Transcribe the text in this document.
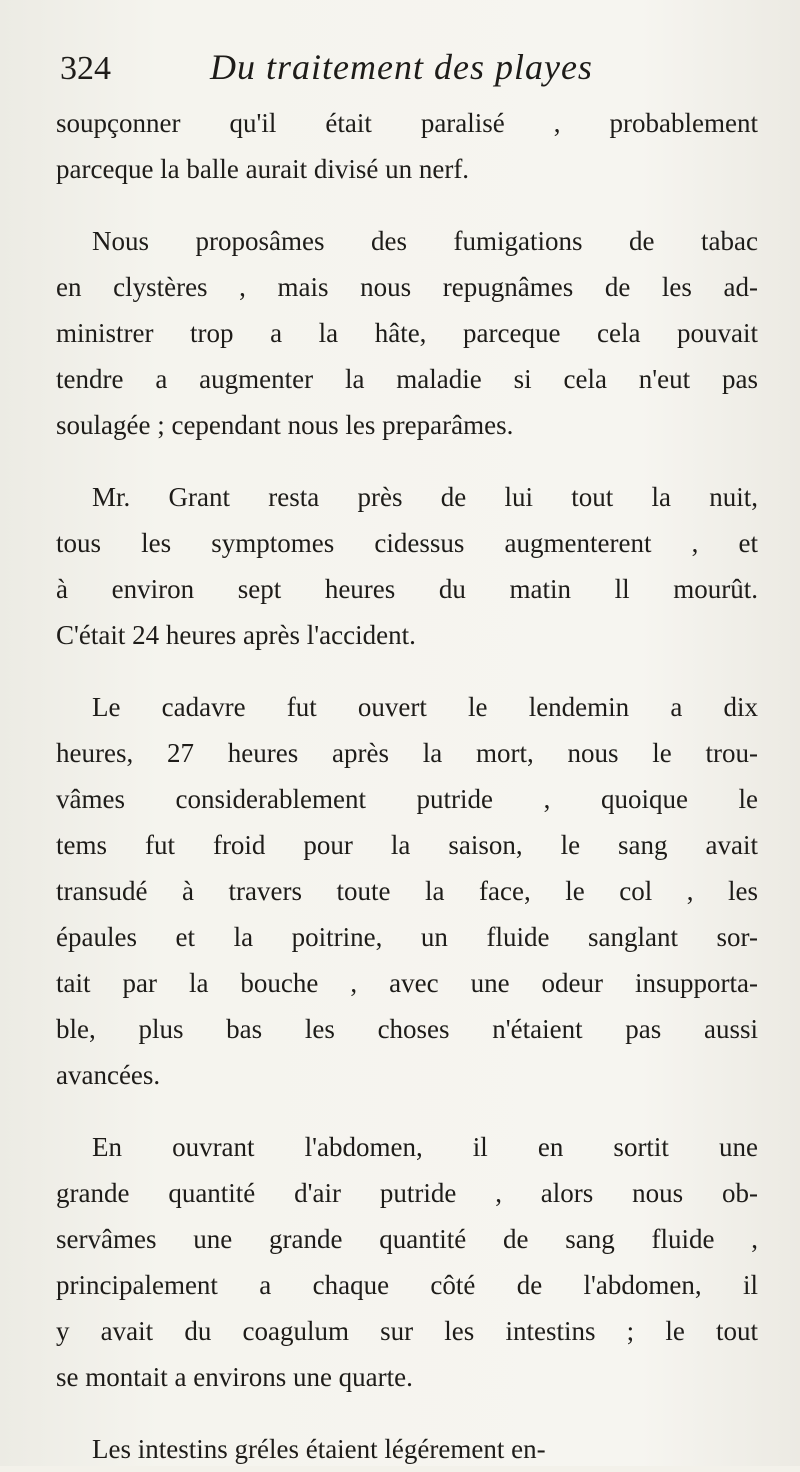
324	Du traitement des playes
soupçonner qu'il était paralisé , probablement
parceque la balle aurait divisé un nerf.
Nous proposâmes des fumigations de tabac
en clystères , mais nous repugnâmes de les ad-
ministrer trop a la hâte, parceque cela pouvait
tendre a augmenter la maladie si cela n'eut pas
soulagée ; cependant nous les preparâmes.
Mr. Grant resta près de lui tout la nuit,
tous les symptomes cidessus augmenterent , et
à environ sept heures du matin ll mourût.
C'était 24 heures après l'accident.
Le cadavre fut ouvert le lendemin a dix
heures, 27 heures après la mort, nous le trou-
vâmes considerablement putride , quoique le
tems fut froid pour la saison, le sang avait
transudé à travers toute la face, le col , les
épaules et la poitrine, un fluide sanglant sor-
tait par la bouche , avec une odeur insupporta-
ble, plus bas les choses n'étaient pas aussi
avancées.
En ouvrant l'abdomen, il en sortit une
grande quantité d'air putride , alors nous ob-
servâmes une grande quantité de sang fluide ,
principalement a chaque côté de l'abdomen, il
y avait du coagulum sur les intestins ; le tout
se montait a environs une quarte.
Les intestins gréles étaient légérement en-
